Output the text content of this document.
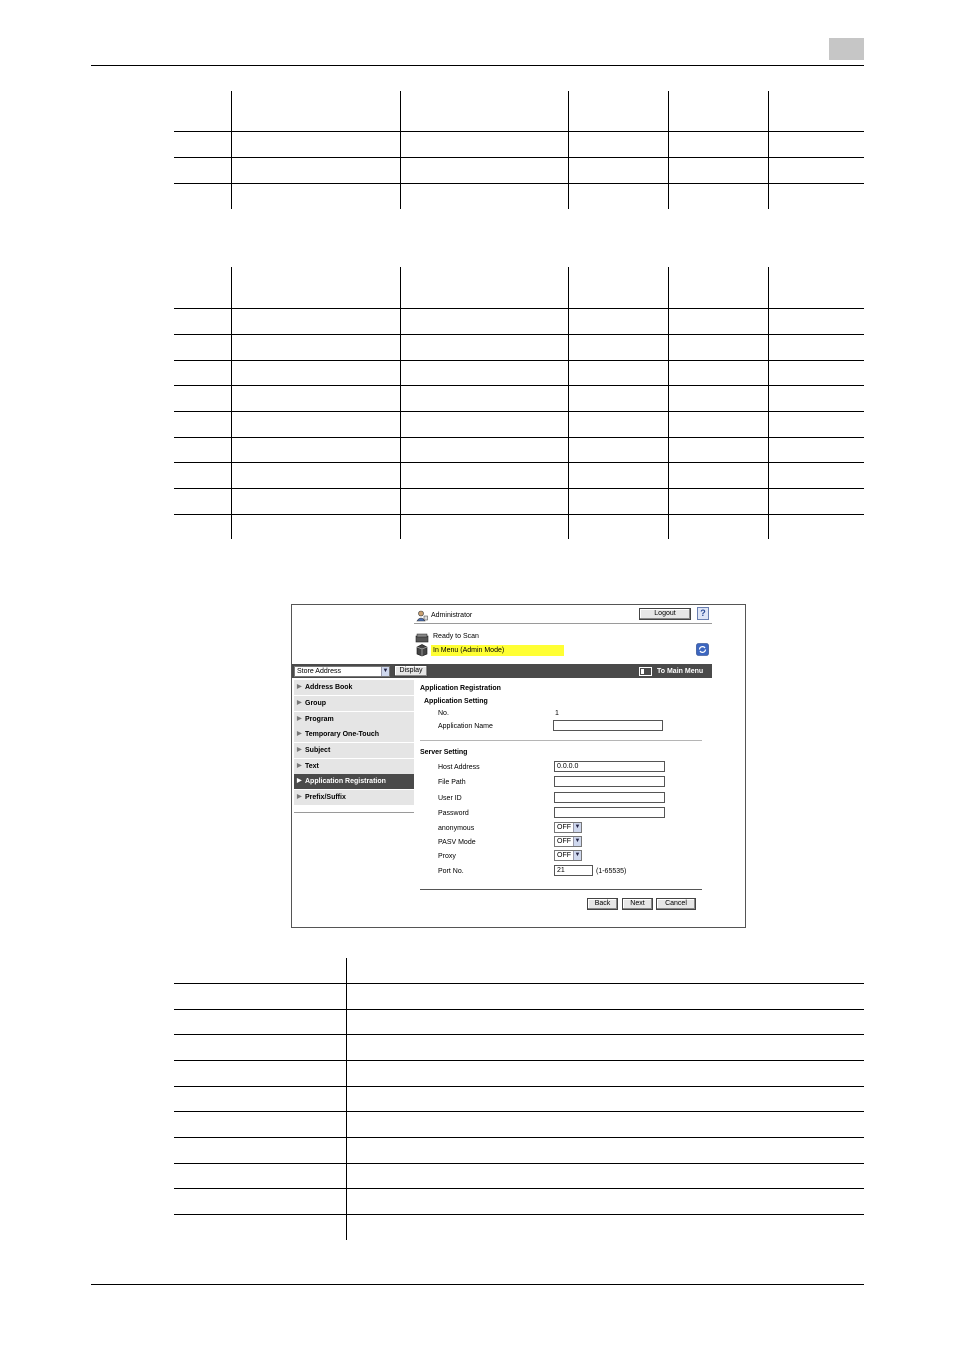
Administrator	Logout	?
Ready to Scan
In Menu (Admin Mode)
Store Address	▼	Display	To Main Menu
▶ Address Book
▶ Group
▶ Program
▶ Temporary One-Touch
▶ Subject
▶ Text
▶ Application Registration
▶ Prefix/Suffix
Application Registration
Application Setting
No.	1
Application Name
Server Setting
Host Address	0.0.0.0
File Path
User ID
Password
anonymous	OFF ▼
PASV Mode	OFF ▼
Proxy	OFF ▼
Port No.	21	(1-65535)
Back	Next	Cancel
